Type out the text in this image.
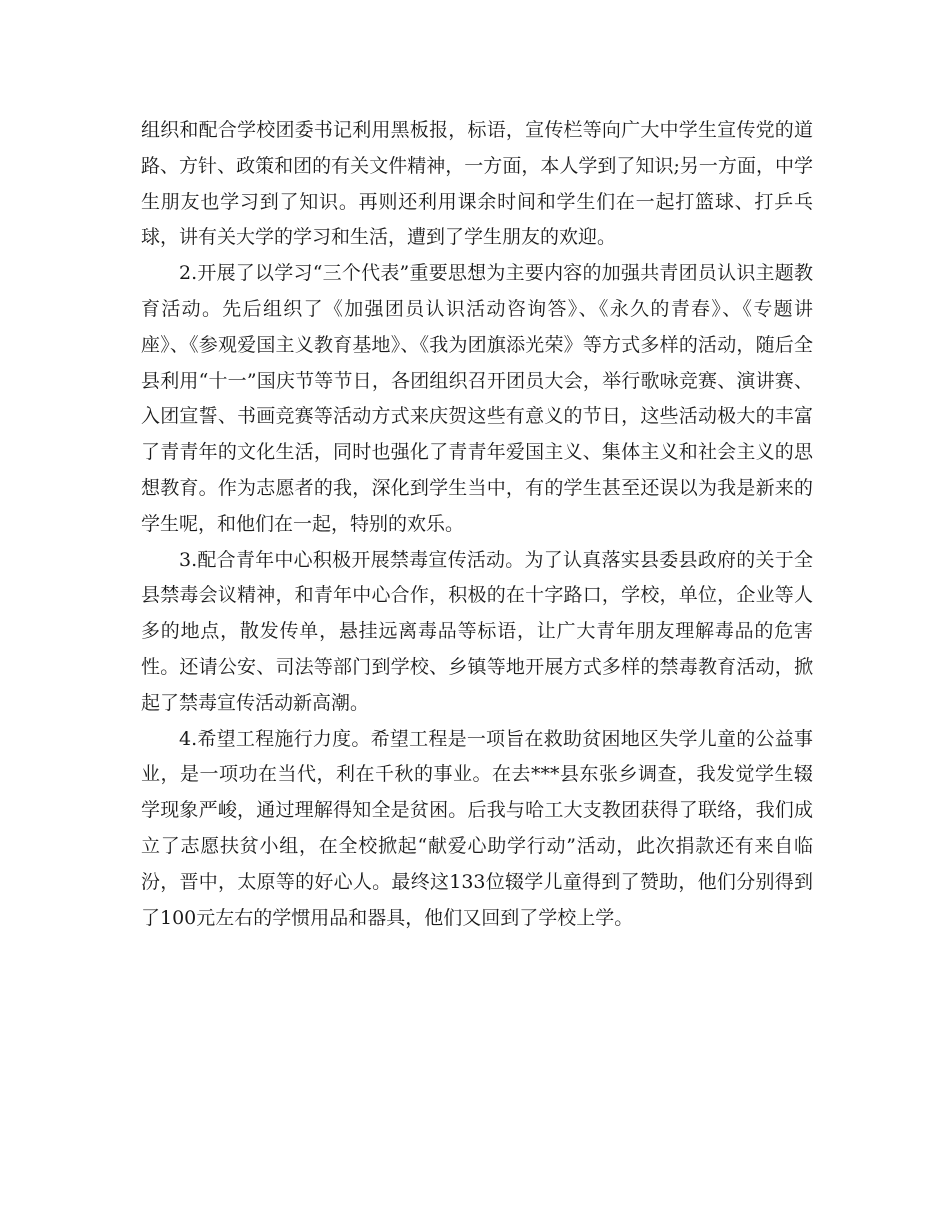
组织和配合学校团委书记利用黑板报，标语，宣传栏等向广大中学生宣传党的道路、方针、政策和团的有关文件精神，一方面，本人学到了知识;另一方面，中学生朋友也学习到了知识。再则还利用课余时间和学生们在一起打篮球、打乒乓球，讲有关大学的学习和生活，遭到了学生朋友的欢迎。

2.开展了以学习“三个代表”重要思想为主要内容的加强共青团员认识主题教育活动。先后组织了《加强团员认识活动咨询答》、《永久的青春》、《专题讲座》、《参观爱国主义教育基地》、《我为团旗添光荣》等方式多样的活动，随后全县利用“十一”国庆节等节日，各团组织召开团员大会，举行歌咏竞赛、演讲赛、入团宣誓、书画竞赛等活动方式来庆贺这些有意义的节日，这些活动极大的丰富了青青年的文化生活，同时也强化了青青年爱国主义、集体主义和社会主义的思想教育。作为志愿者的我，深化到学生当中，有的学生甚至还误以为我是新来的学生呢，和他们在一起，特别的欢乐。

3.配合青年中心积极开展禁毒宣传活动。为了认真落实县委县政府的关于全县禁毒会议精神，和青年中心合作，积极的在十字路口，学校，单位，企业等人多的地点，散发传单，悬挂远离毒品等标语，让广大青年朋友理解毒品的危害性。还请公安、司法等部门到学校、乡镇等地开展方式多样的禁毒教育活动，掀起了禁毒宣传活动新高潮。

4.希望工程施行力度。希望工程是一项旨在救助贫困地区失学儿童的公益事业，是一项功在当代，利在千秋的事业。在去***县东张乡调查，我发觉学生辍学现象严峻，通过理解得知全是贫困。后我与哈工大支教团获得了联络，我们成立了志愿扶贫小组，在全校掀起“献爱心助学行动”活动，此次捐款还有来自临汾，晋中，太原等的好心人。最终这133位辍学儿童得到了赞助，他们分别得到了100元左右的学惯用品和器具，他们又回到了学校上学。
